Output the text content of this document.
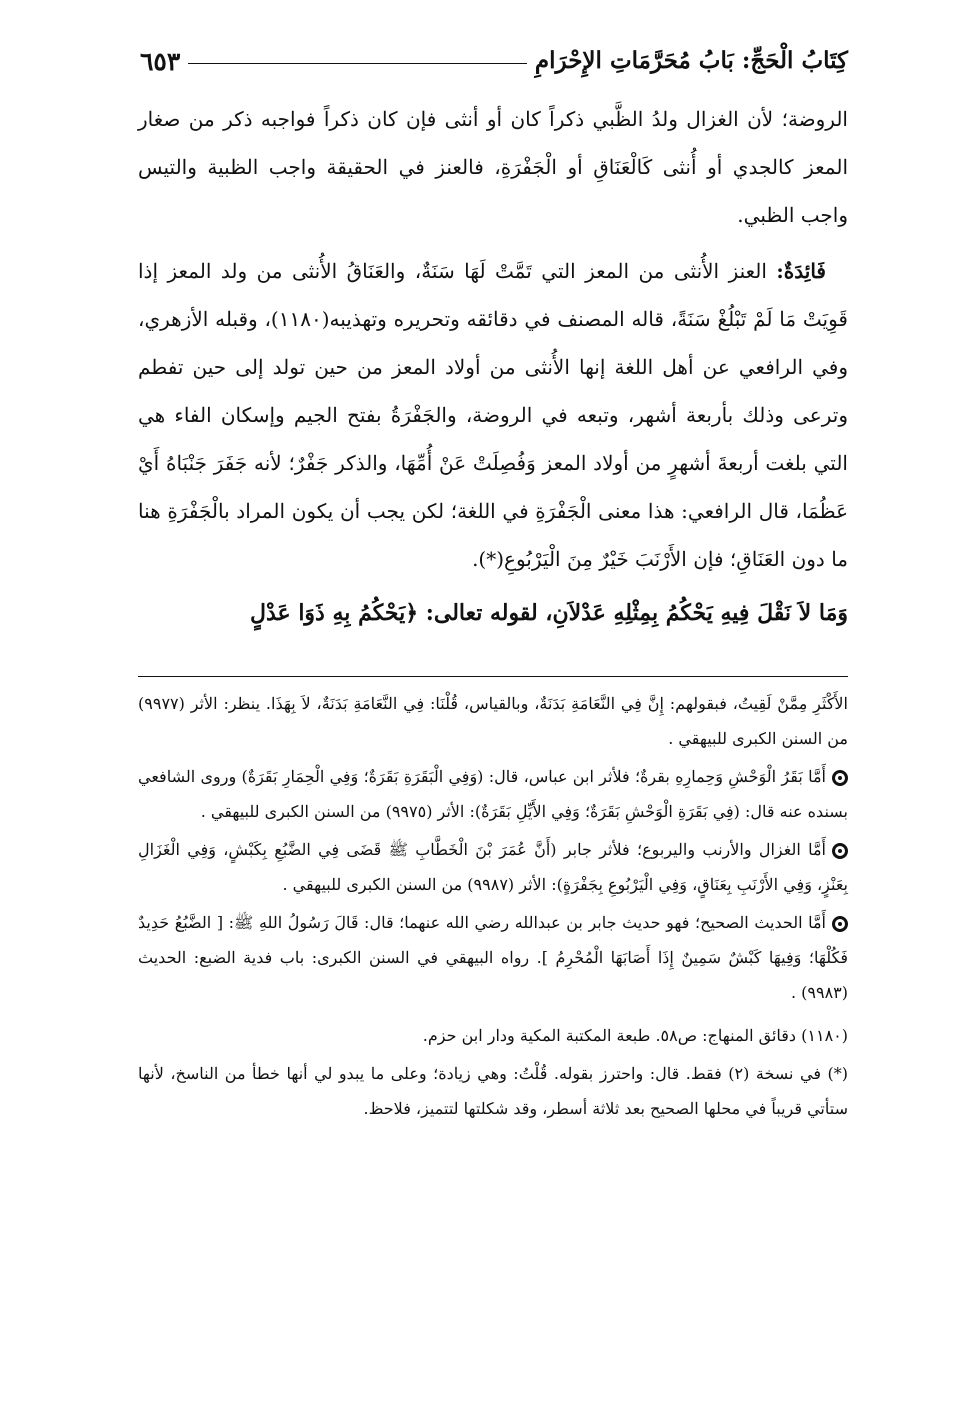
كِتَابُ الْحَجِّ: بَابُ مُحَرَّمَاتِ الإِحْرَامِ
٦٥٣

الروضة؛ لأن الغزال ولدُ الظَّبي ذكراً كان أو أنثى فإن كان ذكراً فواجبه ذكر من صغار المعز كالجدي أو أُنثى كَالْعَنَاقِ أو الْجَفْرَةِ، فالعنز في الحقيقة واجب الظبية والتيس واجب الظبي.

فَائِدَةٌ: العنز الأُنثى من المعز التي تَمَّتْ لَهَا سَنَةٌ، والعَنَاقُ الأُنثى من ولد المعز إذا قَوِيَتْ مَا لَمْ تَبْلُغْ سَنَةً، قاله المصنف في دقائقه وتحريره وتهذيبه(١١٨٠)، وقبله الأزهري، وفي الرافعي عن أهل اللغة إنها الأُنثى من أولاد المعز من حين تولد إلى حين تفطم وترعى وذلك بأربعة أشهر، وتبعه في الروضة، والجَفْرَةُ بفتح الجيم وإسكان الفاء هي التي بلغت أربعةَ أشهرٍ من أولاد المعز وَفُصِلَتْ عَنْ أُمِّهَا، والذكر جَفْرٌ؛ لأنه جَفَرَ جَنْبَاهُ أَيْ عَظُمَا، قال الرافعي: هذا معنى الْجَفْرَةِ في اللغة؛ لكن يجب أن يكون المراد بالْجَفْرَةِ هنا ما دون العَنَاقِ؛ فإن الأَرْنَبَ خَيْرٌ مِنَ الْيَرْبُوعِ(*).

وَمَا لاَ نَقْلَ فِيهِ يَحْكُمُ بِمِثْلِهِ عَدْلاَنِ، لقوله تعالى: ﴿يَحْكُمُ بِهِ ذَوَا عَدْلٍ

الأَكْثَرِ مِمَّنْ لَقِيتُ، فبقولهم: إِنَّ فِي النَّعَامَةِ بَدَنَةٌ، وبالقياس، قُلْنَا: فِي النَّعَامَةِ بَدَنَةٌ، لاَ بِهَذَا. ينظر: الأثر (٩٩٧٧) من السنن الكبرى للبيهقي .

أَمَّا بَقَرُ الْوَحْشِ وَحِمارِهِ بقرةٌ؛ فلأثر ابن عباس، قال: (وَفِي الْبَقَرَةِ بَقَرَةٌ؛ وَفِي الْحِمَارِ بَقَرَةٌ) وروى الشافعي بسنده عنه قال: (فِي بَقَرَةِ الْوَحْشِ بَقَرَةٌ؛ وَفِي الأَيِّلِ بَقَرَةٌ): الأثر (٩٩٧٥) من السنن الكبرى للبيهقي .

أَمَّا الغزال والأرنب واليربوع؛ فلأثر جابر (أَنَّ عُمَرَ بْنَ الْخَطَّابِ ﷺ قَضَى فِي الضَّبُعِ بِكَبْشٍ، وَفِي الْغَزَالِ بِعَنْزٍ، وَفِي الأَرْنَبِ بِعَنَاقٍ، وَفِي الْيَرْبُوعِ بِجَفْرَةٍ): الأثر (٩٩٨٧) من السنن الكبرى للبيهقي .

أَمَّا الحديث الصحيح؛ فهو حديث جابر بن عبدالله رضي الله عنهما؛ قال: قَالَ رَسُولُ اللهِ ﷺ: [ الضَّبُعُ حَدِيدٌ فَكُلْهَا؛ وَفِيهَا كَبْشٌ سَمِينٌ إِذَا أَصَابَهَا الْمُحْرِمُ ]. رواه البيهقي في السنن الكبرى: باب فدية الضبع: الحديث (٩٩٨٣) .

(١١٨٠) دقائق المنهاج: ص٥٨. طبعة المكتبة المكية ودار ابن حزم.

(*) في نسخة (٢) فقط. قال: واحترز بقوله. قُلْتُ: وهي زيادة؛ وعلى ما يبدو لي أنها خطأ من الناسخ، لأنها ستأتي قريباً في محلها الصحيح بعد ثلاثة أسطر، وقد شكلتها لتتميز، فلاحظ.
